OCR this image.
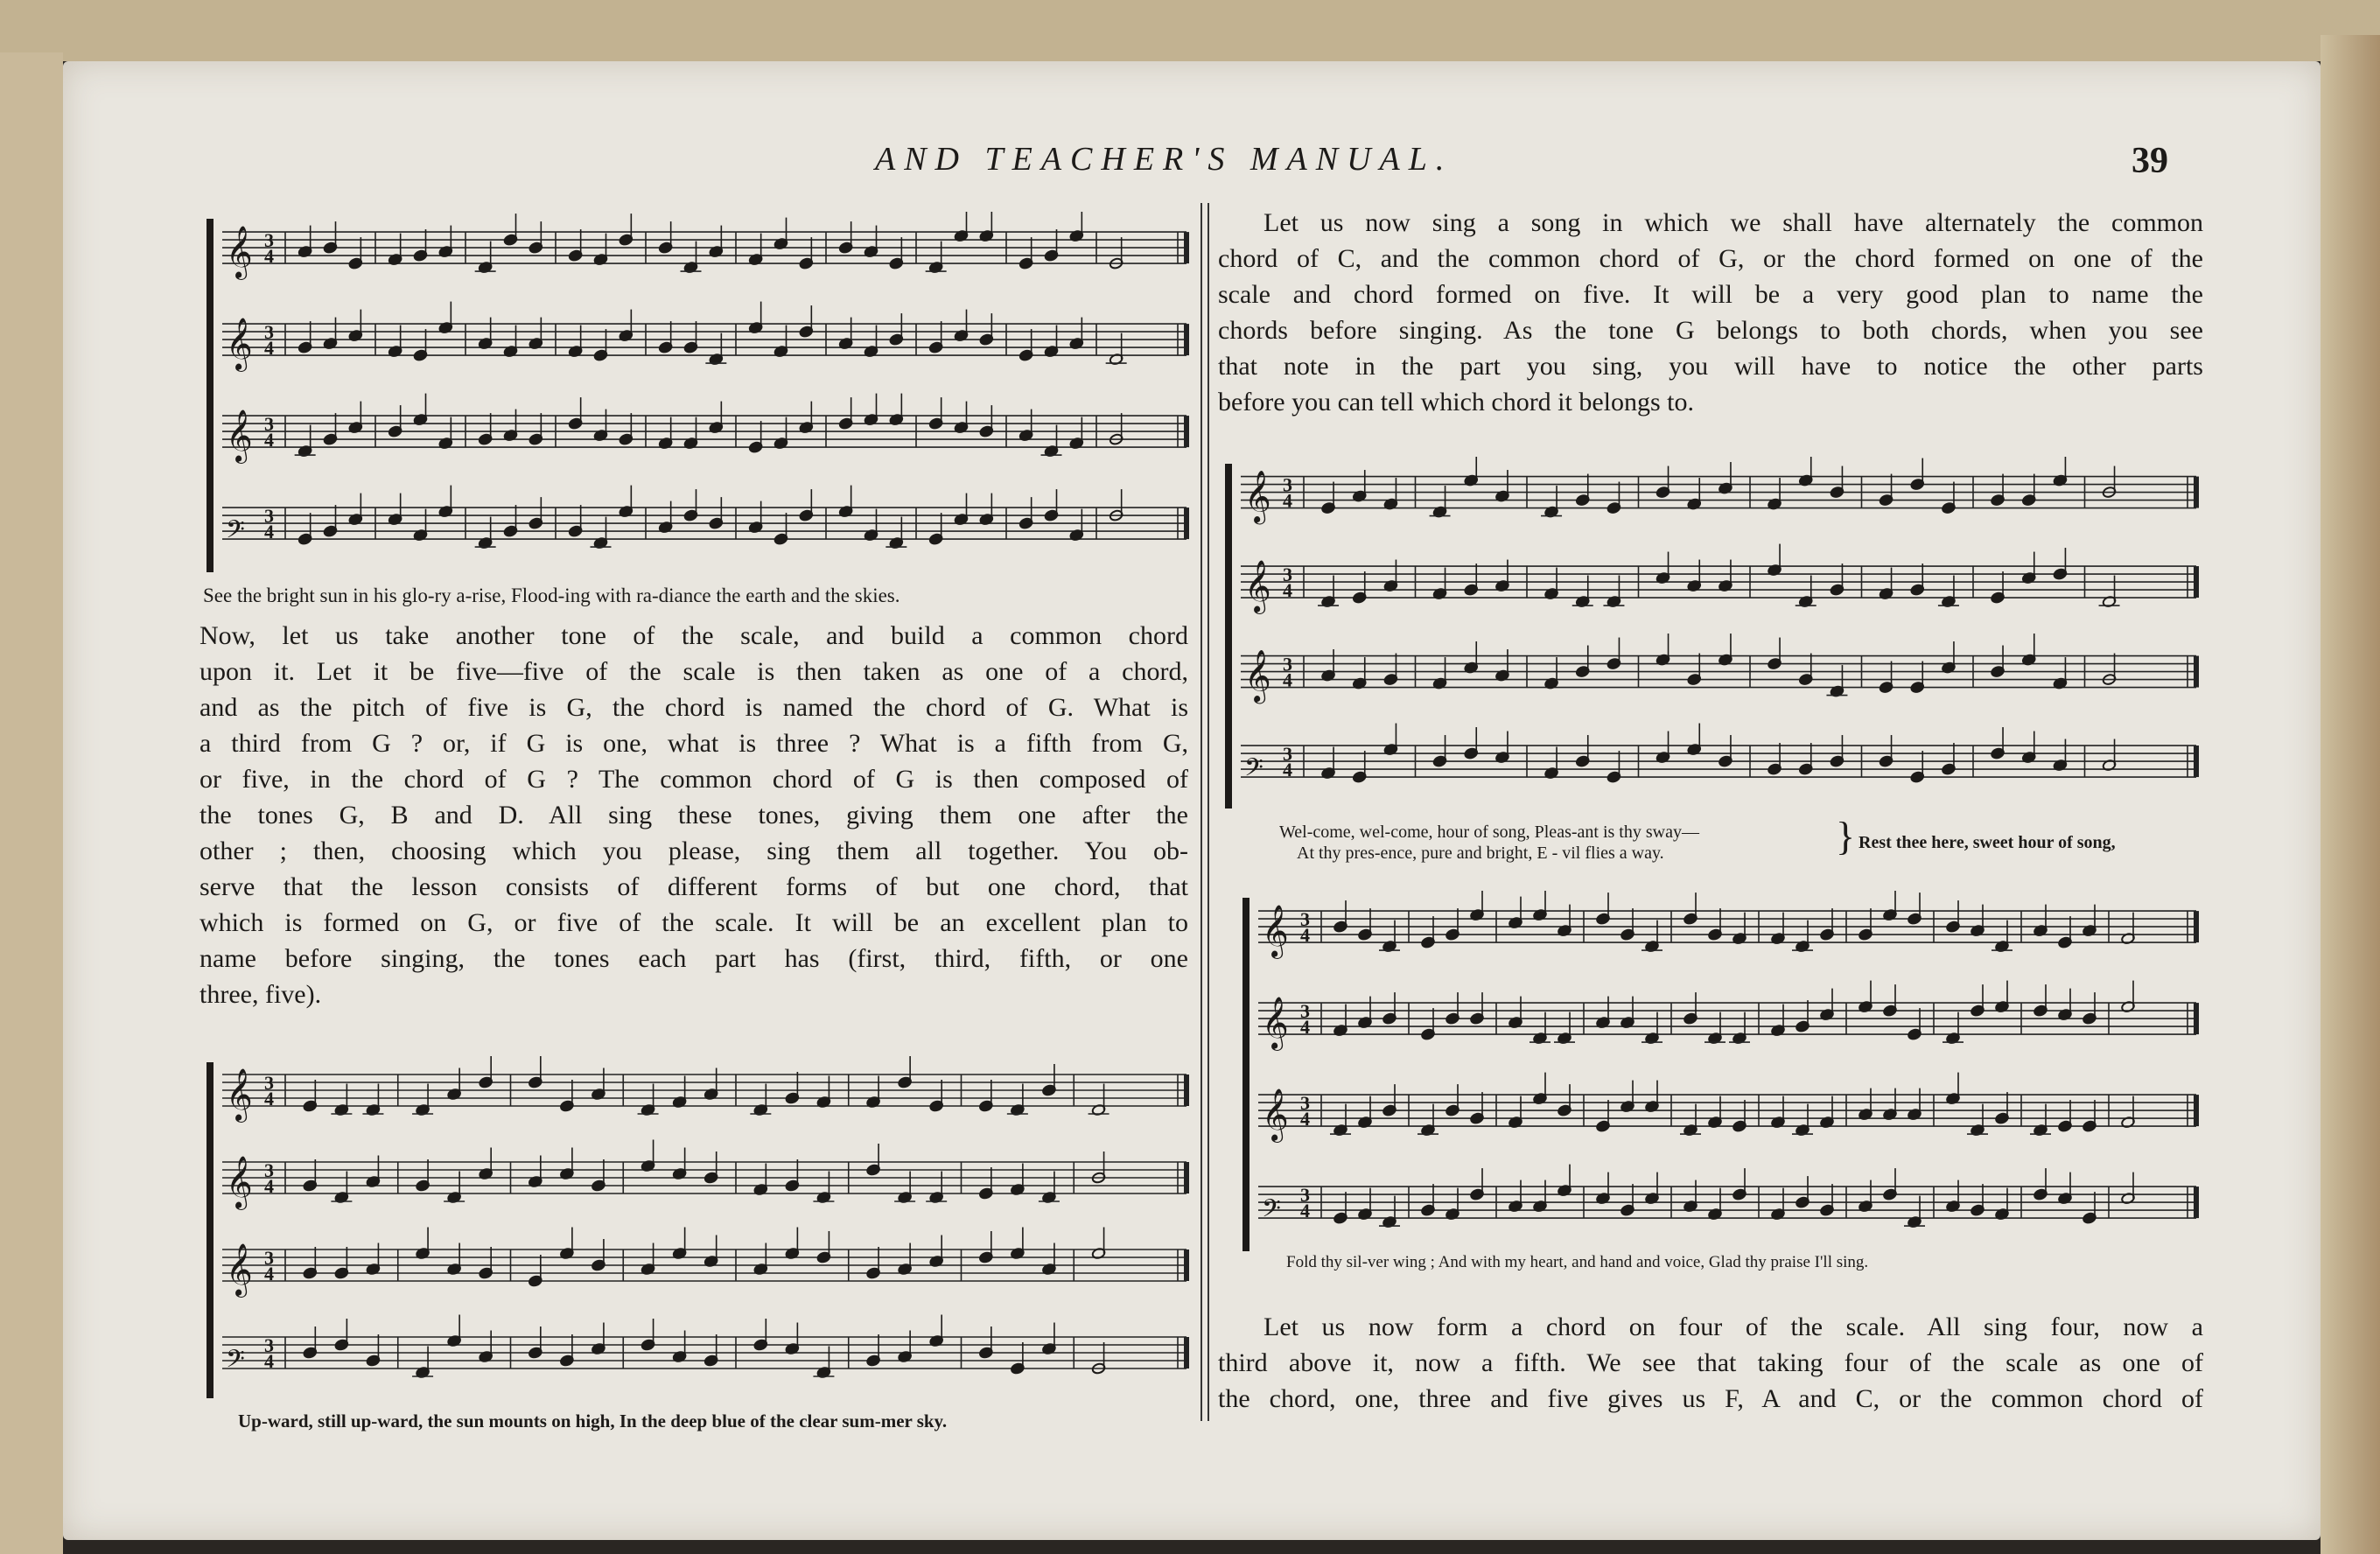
AND TEACHER'S MANUAL.	39
𝄞 3
4
𝄞 3
4
𝄞 3
4
𝄢 3
4
See the bright sun in his glo-ry a-rise, Flood-ing with ra-diance the earth and the skies.
Now, let us take another tone of the scale, and build a common chord
upon it. Let it be five—five of the scale is then taken as one of a chord,
and as the pitch of five is G, the chord is named the chord of G. What is
a third from G ? or, if G is one, what is three ? What is a fifth from G,
or five, in the chord of G ? The common chord of G is then composed of
the tones G, B and D. All sing these tones, giving them one after the
other ; then, choosing which you please, sing them all together. You ob-
serve that the lesson consists of different forms of but one chord, that
which is formed on G, or five of the scale. It will be an excellent plan to
name before singing, the tones each part has (first, third, fifth, or one
three, five).
𝄞 3
4
𝄞 3
4
𝄞 3
4
𝄢 3
4
Up-ward, still up-ward, the sun mounts on high, In the deep blue of the clear sum-mer sky.
Let us now sing a song in which we shall have alternately the common
chord of C, and the common chord of G, or the chord formed on one of the
scale and chord formed on five. It will be a very good plan to name the
chords before singing. As the tone G belongs to both chords, when you see
that note in the part you sing, you will have to notice the other parts
before you can tell which chord it belongs to.
𝄞 3
4
𝄞 3
4
𝄞 3
4
𝄢 3
4
Wel-come, wel-come, hour of song, Pleas-ant is thy sway—
At thy pres-ence, pure and bright, E - vil flies a way.	} Rest thee here, sweet hour of song,
𝄞 3
4
𝄞 3
4
𝄞 3
4
𝄢 3
4
Fold thy sil-ver wing ; And with my heart, and hand and voice, Glad thy praise I'll sing.
Let us now form a chord on four of the scale. All sing four, now a
third above it, now a fifth. We see that taking four of the scale as one of
the chord, one, three and five gives us F, A and C, or the common chord of
